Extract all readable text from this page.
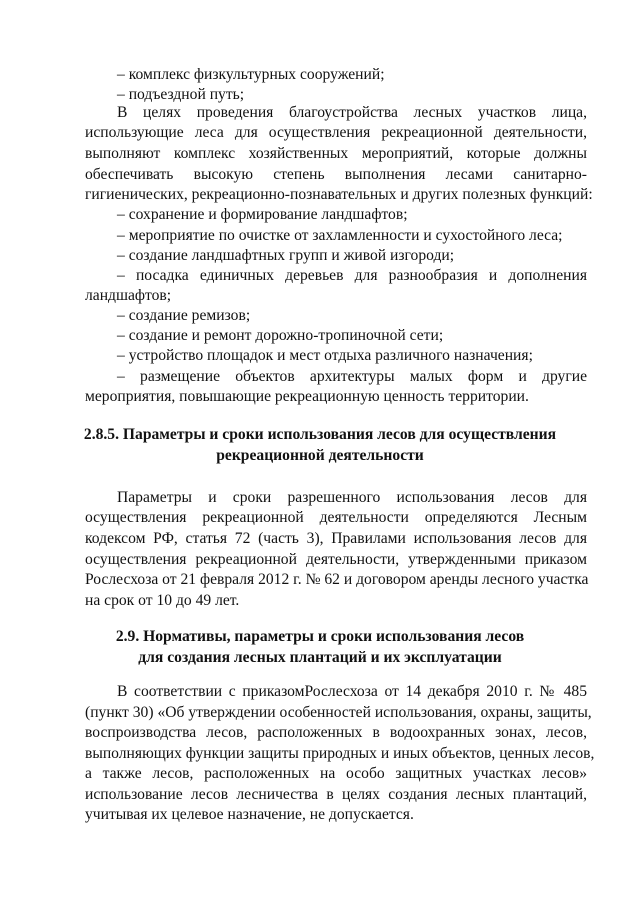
– комплекс физкультурных сооружений;
– подъездной путь;
В целях проведения благоустройства лесных участков лица,
использующие леса для осуществления рекреационной деятельности,
выполняют комплекс хозяйственных мероприятий, которые должны
обеспечивать высокую степень выполнения лесами санитарно-
гигиенических, рекреационно-познавательных и других полезных функций:
– сохранение и формирование ландшафтов;
– мероприятие по очистке от захламленности и сухостойного леса;
– создание ландшафтных групп и живой изгороди;
– посадка единичных деревьев для разнообразия и дополнения
ландшафтов;
– создание ремизов;
– создание и ремонт дорожно-тропиночной сети;
– устройство площадок и мест отдыха различного назначения;
– размещение объектов архитектуры малых форм и другие
мероприятия, повышающие рекреационную ценность территории.
2.8.5. Параметры и сроки использования лесов для осуществления
рекреационной деятельности
Параметры и сроки разрешенного использования лесов для
осуществления рекреационной деятельности определяются Лесным
кодексом РФ, статья 72 (часть 3), Правилами использования лесов для
осуществления рекреационной деятельности, утвержденными приказом
Рослесхоза от 21 февраля 2012 г. № 62 и договором аренды лесного участка
на срок от 10 до 49 лет.
2.9. Нормативы, параметры и сроки использования лесов
для создания лесных плантаций и их эксплуатации
В соответствии с приказомРослесхоза от 14 декабря 2010 г. № 485
(пункт 30) «Об утверждении особенностей использования, охраны, защиты,
воспроизводства лесов, расположенных в водоохранных зонах, лесов,
выполняющих функции защиты природных и иных объектов, ценных лесов,
а также лесов, расположенных на особо защитных участках лесов»
использование лесов лесничества в целях создания лесных плантаций,
учитывая их целевое назначение, не допускается.
